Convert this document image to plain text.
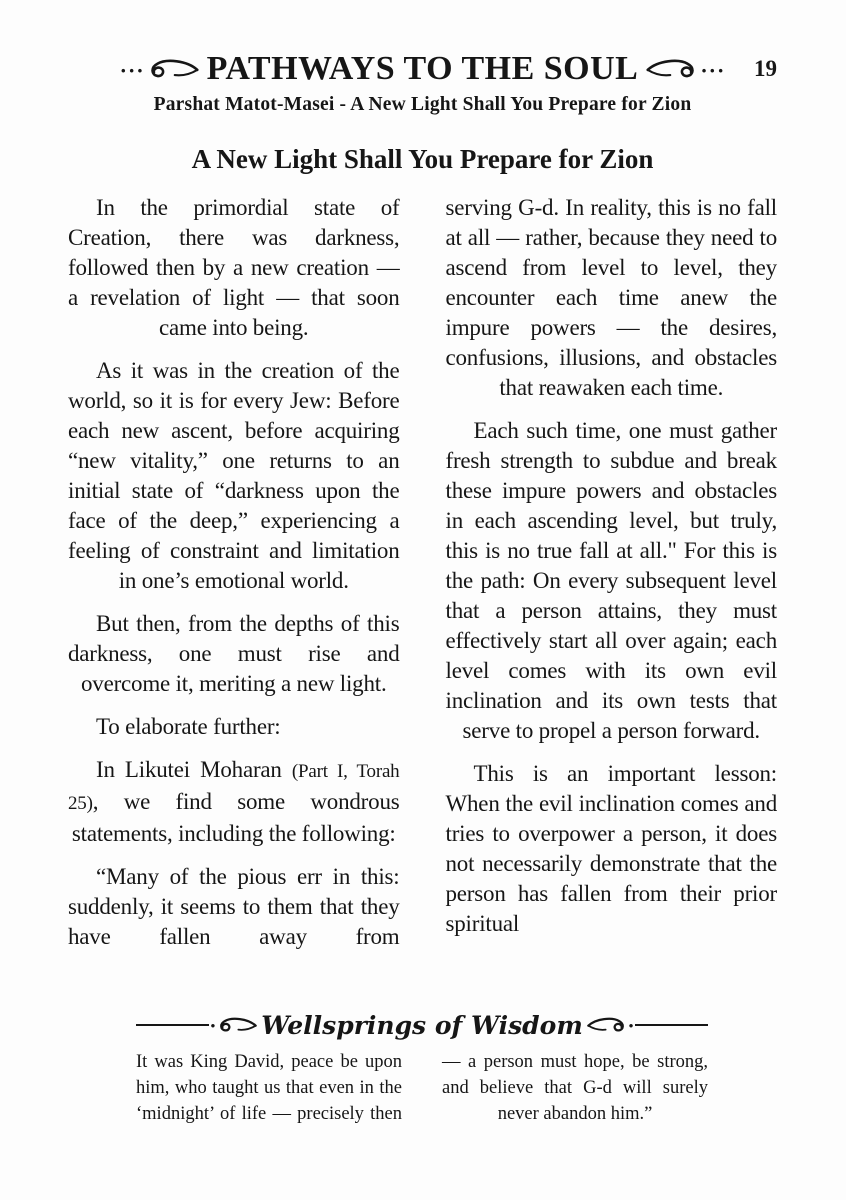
··· PATHWAYS TO THE SOUL	··· 19
Parshat Matot-Masei - A New Light Shall You Prepare for Zion
A New Light Shall You Prepare for Zion

In the primordial state of Creation, there was darkness, followed then by a new creation — a revelation of light — that soon came into being.

As it was in the creation of the world, so it is for every Jew: Before each new ascent, before acquiring “new vitality,” one returns to an initial state of “darkness upon the face of the deep,” experiencing a feeling of constraint and limitation in one’s emotional world.

But then, from the depths of this darkness, one must rise and overcome it, meriting a new light.

To elaborate further:

In Likutei Moharan (Part I, Torah 25), we find some wondrous statements, including the following:

“Many of the pious err in this: suddenly, it seems to them that they have fallen away from

serving G-d. In reality, this is no fall at all — rather, because they need to ascend from level to level, they encounter each time anew the impure powers — the desires, confusions, illusions, and obstacles that reawaken each time.

Each such time, one must gather fresh strength to subdue and break these impure powers and obstacles in each ascending level, but truly, this is no true fall at all." For this is the path: On every subsequent level that a person attains, they must effectively start all over again; each level comes with its own evil inclination and its own tests that serve to propel a person forward.

This is an important lesson: When the evil inclination comes and tries to overpower a person, it does not necessarily demonstrate that the person has fallen from their prior spiritual

• Wellsprings of Wisdom	•

It was King David, peace be upon him, who taught us that even in the ‘midnight’ of life — precisely then

— a person must hope, be strong, and believe that G-d will surely never abandon him.”
